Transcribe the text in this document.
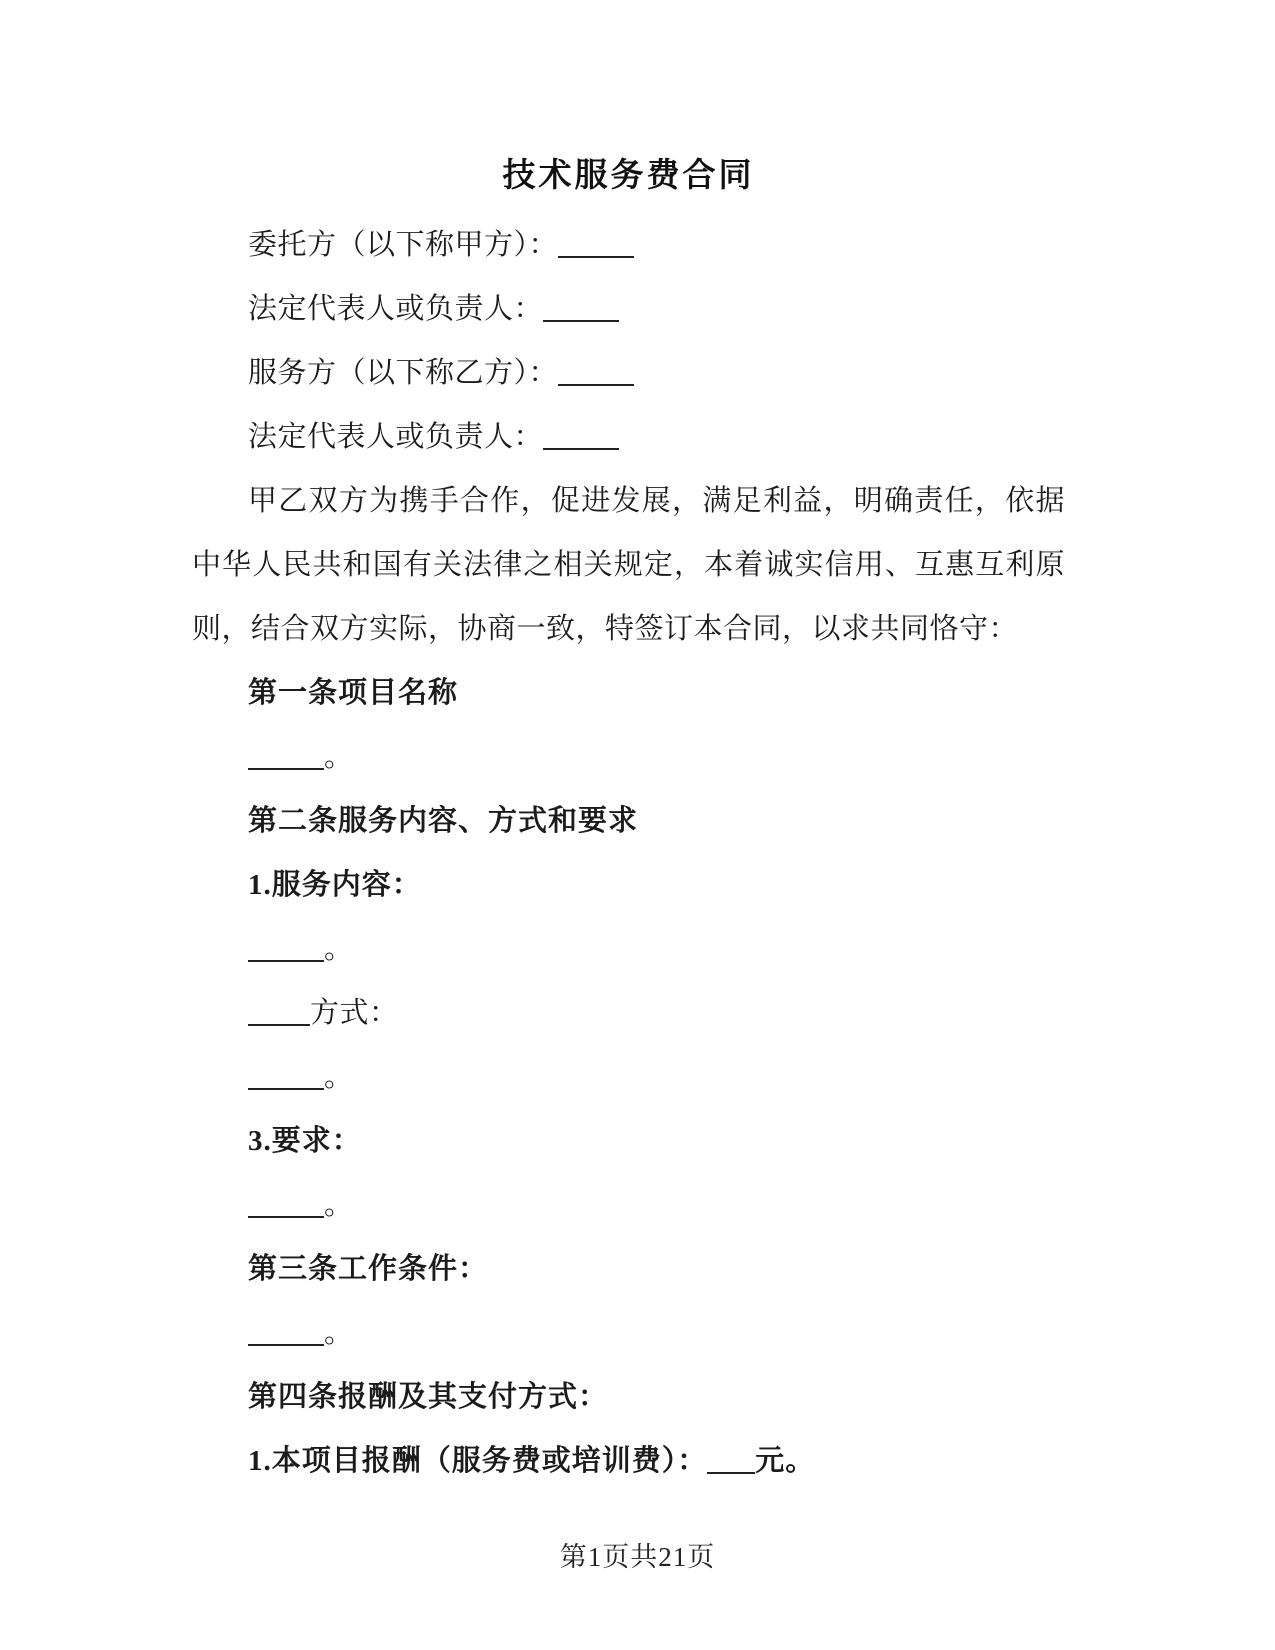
技术服务费合同

委托方（以下称甲方）：

法定代表人或负责人：

服务方（以下称乙方）：

法定代表人或负责人：

甲乙双方为携手合作，促进发展，满足利益，明确责任，依据中华人民共和国有关法律之相关规定，本着诚实信用、互惠互利原则，结合双方实际，协商一致，特签订本合同，以求共同恪守：

第一条项目名称

。

第二条服务内容、方式和要求

1.服务内容：

。

方式：

。

3.要求：

。

第三条工作条件：

。

第四条报酬及其支付方式：

1.本项目报酬（服务费或培训费）： 元。

第1页共21页
